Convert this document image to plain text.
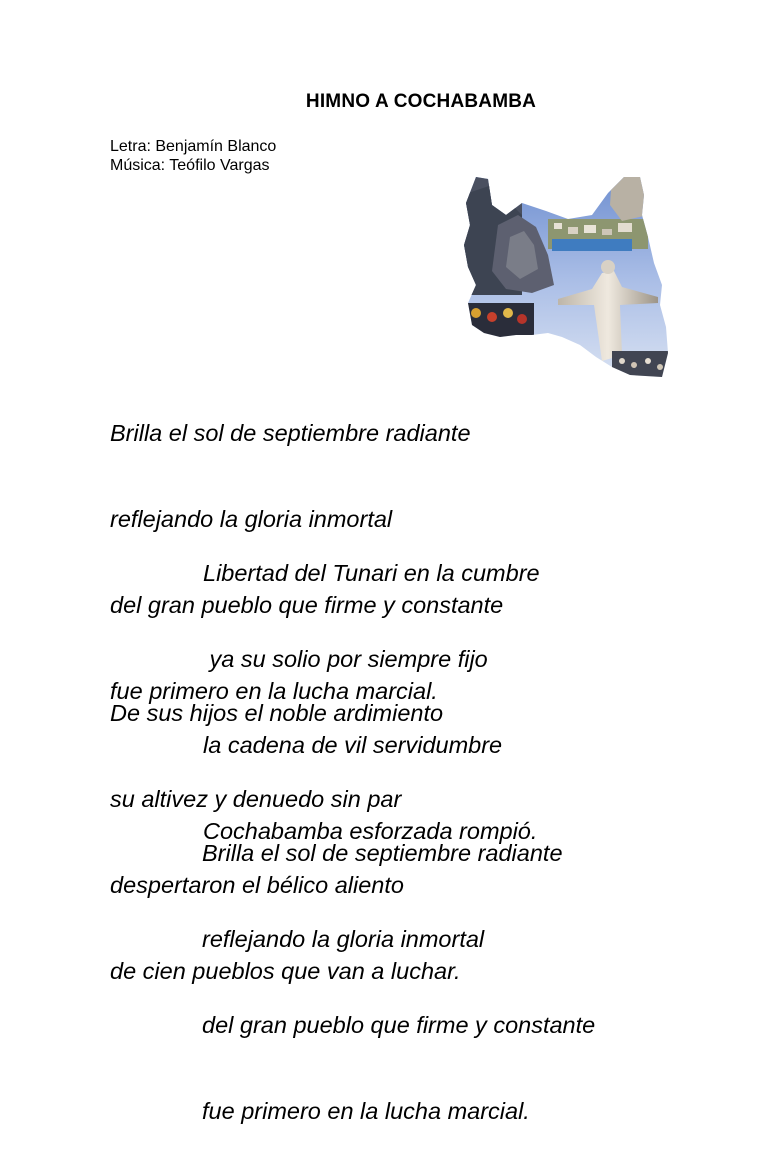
HIMNO A COCHABAMBA
Letra: Benjamín Blanco
Música: Teófilo Vargas

Brilla el sol de septiembre radiante

reflejando la gloria inmortal

del gran pueblo que firme y constante

fue primero en la lucha marcial.

Libertad del Tunari en la cumbre

ya su solio por siempre fijo

la cadena de vil servidumbre

Cochabamba esforzada rompió.

De sus hijos el noble ardimiento

su altivez y denuedo sin par

despertaron el bélico aliento

de cien pueblos que van a luchar.

Brilla el sol de septiembre radiante

reflejando la gloria inmortal

del gran pueblo que firme y constante

fue primero en la lucha marcial.
